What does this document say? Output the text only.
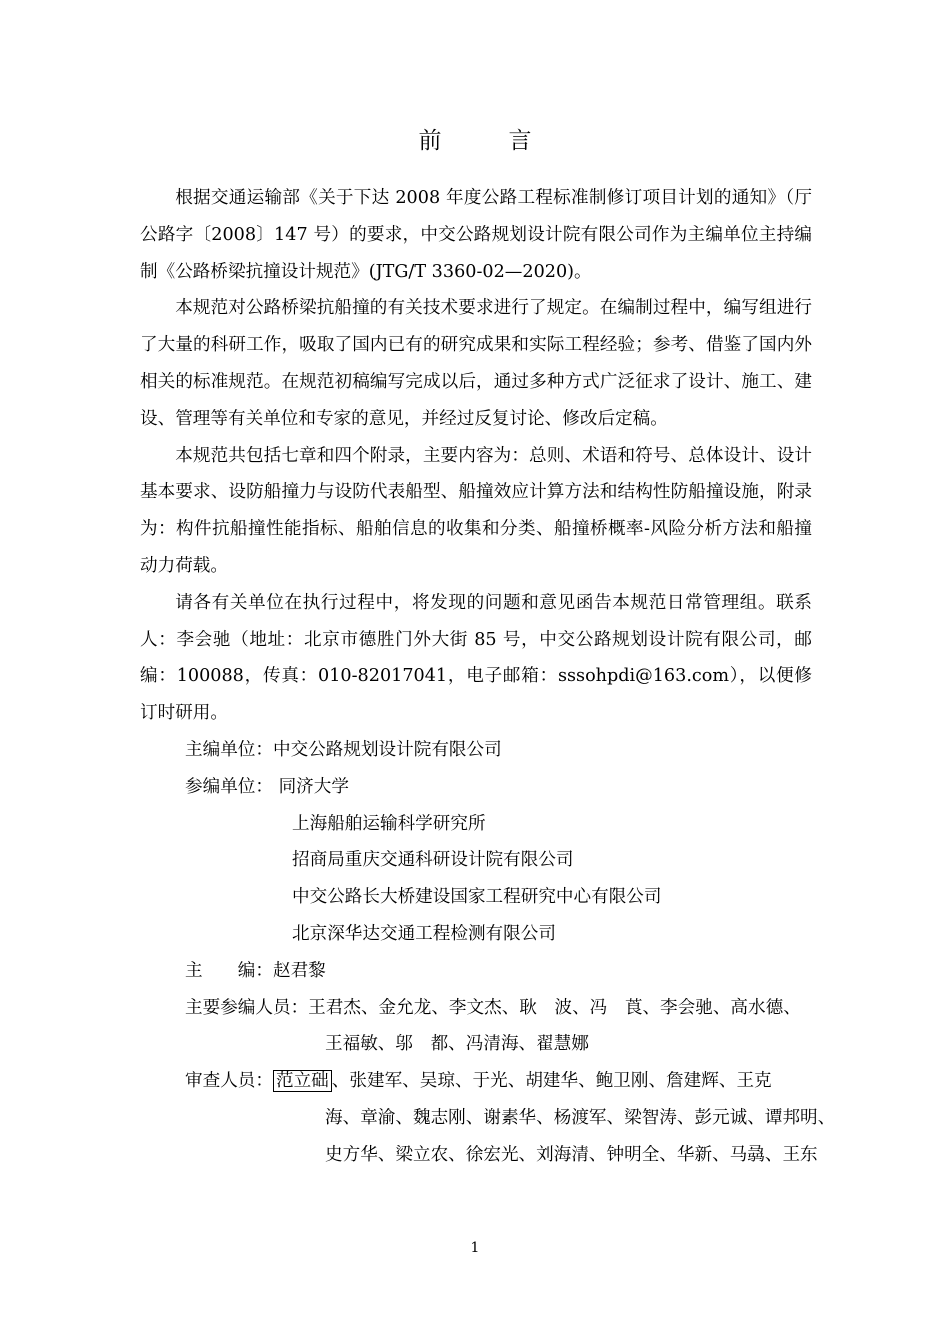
前　言

根据交通运输部《关于下达 2008 年度公路工程标准制修订项目计划的通知》（厅公路字〔2008〕147 号）的要求，中交公路规划设计院有限公司作为主编单位主持编制《公路桥梁抗撞设计规范》(JTG/T 3360-02—2020)。

本规范对公路桥梁抗船撞的有关技术要求进行了规定。在编制过程中，编写组进行了大量的科研工作，吸取了国内已有的研究成果和实际工程经验；参考、借鉴了国内外相关的标准规范。在规范初稿编写完成以后，通过多种方式广泛征求了设计、施工、建设、管理等有关单位和专家的意见，并经过反复讨论、修改后定稿。

本规范共包括七章和四个附录，主要内容为：总则、术语和符号、总体设计、设计基本要求、设防船撞力与设防代表船型、船撞效应计算方法和结构性防船撞设施，附录为：构件抗船撞性能指标、船舶信息的收集和分类、船撞桥概率-风险分析方法和船撞动力荷载。

请各有关单位在执行过程中，将发现的问题和意见函告本规范日常管理组。联系人：李会驰（地址：北京市德胜门外大街 85 号，中交公路规划设计院有限公司，邮编：100088，传真：010-82017041，电子邮箱：sssohpdi@163.com），以便修订时研用。

主编单位：中交公路规划设计院有限公司
参编单位： 同济大学
上海船舶运输科学研究所
招商局重庆交通科研设计院有限公司
中交公路长大桥建设国家工程研究中心有限公司
北京深华达交通工程检测有限公司
主　　编：赵君黎
主要参编人员：王君杰、金允龙、李文杰、耿　波、冯　莨、李会驰、高水德、
王福敏、邬　都、冯清海、翟慧娜
审查人员： 范立础 、张建军、吴琼、于光、胡建华、鲍卫刚、詹建辉、王克
海、章渝、魏志刚、谢素华、杨渡军、梁智涛、彭元诚、谭邦明、
史方华、梁立农、徐宏光、刘海清、钟明全、华新、马骉、王东
1
